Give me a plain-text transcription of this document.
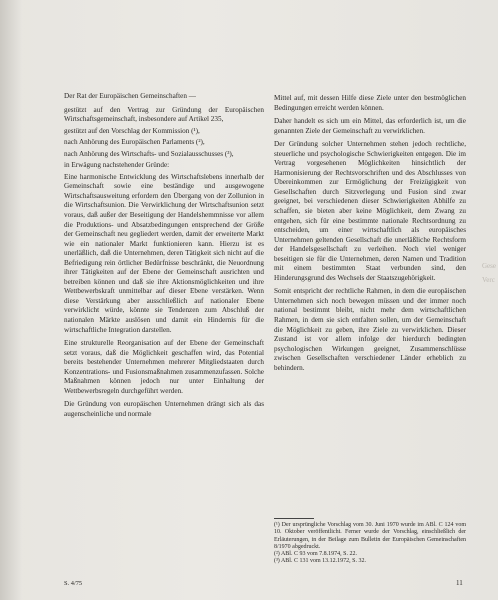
Der Rat der Europäischen Gemeinschaften —

gestützt auf den Vertrag zur Gründung der Europäischen Wirtschaftsgemeinschaft, insbesondere auf Artikel 235,

gestützt auf den Vorschlag der Kommission (¹),

nach Anhörung des Europäischen Parlaments (²),

nach Anhörung des Wirtschafts- und Sozialausschusses (³),

in Erwägung nachstehender Gründe:

Eine harmonische Entwicklung des Wirtschaftslebens innerhalb der Gemeinschaft sowie eine beständige und ausgewogene Wirtschaftsausweitung erfordern den Übergang von der Zollunion in die Wirtschaftsunion. Die Verwirklichung der Wirtschaftsunion setzt voraus, daß außer der Beseitigung der Handelshemmnisse vor allem die Produktions- und Absatzbedingungen entsprechend der Größe der Gemeinschaft neu gegliedert werden, damit der erweiterte Markt wie ein nationaler Markt funktionieren kann. Hierzu ist es unerläßlich, daß die Unternehmen, deren Tätigkeit sich nicht auf die Befriedigung rein örtlicher Bedürfnisse beschränkt, die Neuordnung ihrer Tätigkeiten auf der Ebene der Gemeinschaft ausrichten und betreiben können und daß sie ihre Aktionsmöglichkeiten und ihre Wettbewerbskraft unmittelbar auf dieser Ebene verstärken. Wenn diese Verstärkung aber ausschließlich auf nationaler Ebene verwirklicht würde, könnte sie Tendenzen zum Abschluß der nationalen Märkte auslösen und damit ein Hindernis für die wirtschaftliche Integration darstellen.

Eine strukturelle Reorganisation auf der Ebene der Gemeinschaft setzt voraus, daß die Möglichkeit geschaffen wird, das Potential bereits bestehender Unternehmen mehrerer Mitgliedstaaten durch Konzentrations- und Fusionsmaßnahmen zusammenzufassen. Solche Maßnahmen können jedoch nur unter Einhaltung der Wettbewerbsregeln durchgeführt werden.

Die Gründung von europäischen Unternehmen drängt sich als das augenscheinliche und normale

Mittel auf, mit dessen Hilfe diese Ziele unter den bestmöglichen Bedingungen erreicht werden können.

Daher handelt es sich um ein Mittel, das erforderlich ist, um die genannten Ziele der Gemeinschaft zu verwirklichen.

Der Gründung solcher Unternehmen stehen jedoch rechtliche, steuerliche und psychologische Schwierigkeiten entgegen. Die im Vertrag vorgesehenen Möglichkeiten hinsichtlich der Harmonisierung der Rechtsvorschriften und des Abschlusses von Übereinkommen zur Ermöglichung der Freizügigkeit von Gesellschaften durch Sitzverlegung und Fusion sind zwar geeignet, bei verschiedenen dieser Schwierigkeiten Abhilfe zu schaffen, sie bieten aber keine Möglichkeit, dem Zwang zu entgehen, sich für eine bestimmte nationale Rechtsordnung zu entscheiden, um einer wirtschaftlich als europäisches Unternehmen geltenden Gesellschaft die unerläßliche Rechtsform der Handelsgesellschaft zu verleihen. Noch viel weniger beseitigen sie für die Unternehmen, deren Namen und Tradition mit einem bestimmten Staat verbunden sind, den Hinderungsgrund des Wechsels der Staatszugehörigkeit.

Somit entspricht der rechtliche Rahmen, in dem die europäischen Unternehmen sich noch bewegen müssen und der immer noch national bestimmt bleibt, nicht mehr dem wirtschaftlichen Rahmen, in dem sie sich entfalten sollen, um der Gemeinschaft die Möglichkeit zu geben, ihre Ziele zu verwirklichen. Dieser Zustand ist vor allem infolge der hierdurch bedingten psychologischen Wirkungen geeignet, Zusammenschlüsse zwischen Gesellschaften verschiedener Länder erheblich zu behindern.

(¹) Der ursprüngliche Vorschlag vom 30. Juni 1970 wurde im ABl. C 124 vom 10. Oktober veröffentlicht. Ferner wurde der Vorschlag, einschließlich der Erläuterungen, in der Beilage zum Bulletin der Europäischen Gemeinschaften 8/1970 abgedruckt.
(²) ABl. C 93 vom 7.8.1974, S. 22.
(³) ABl. C 131 vom 13.12.1972, S. 32.
S. 4/75	11
Gese
Verc
